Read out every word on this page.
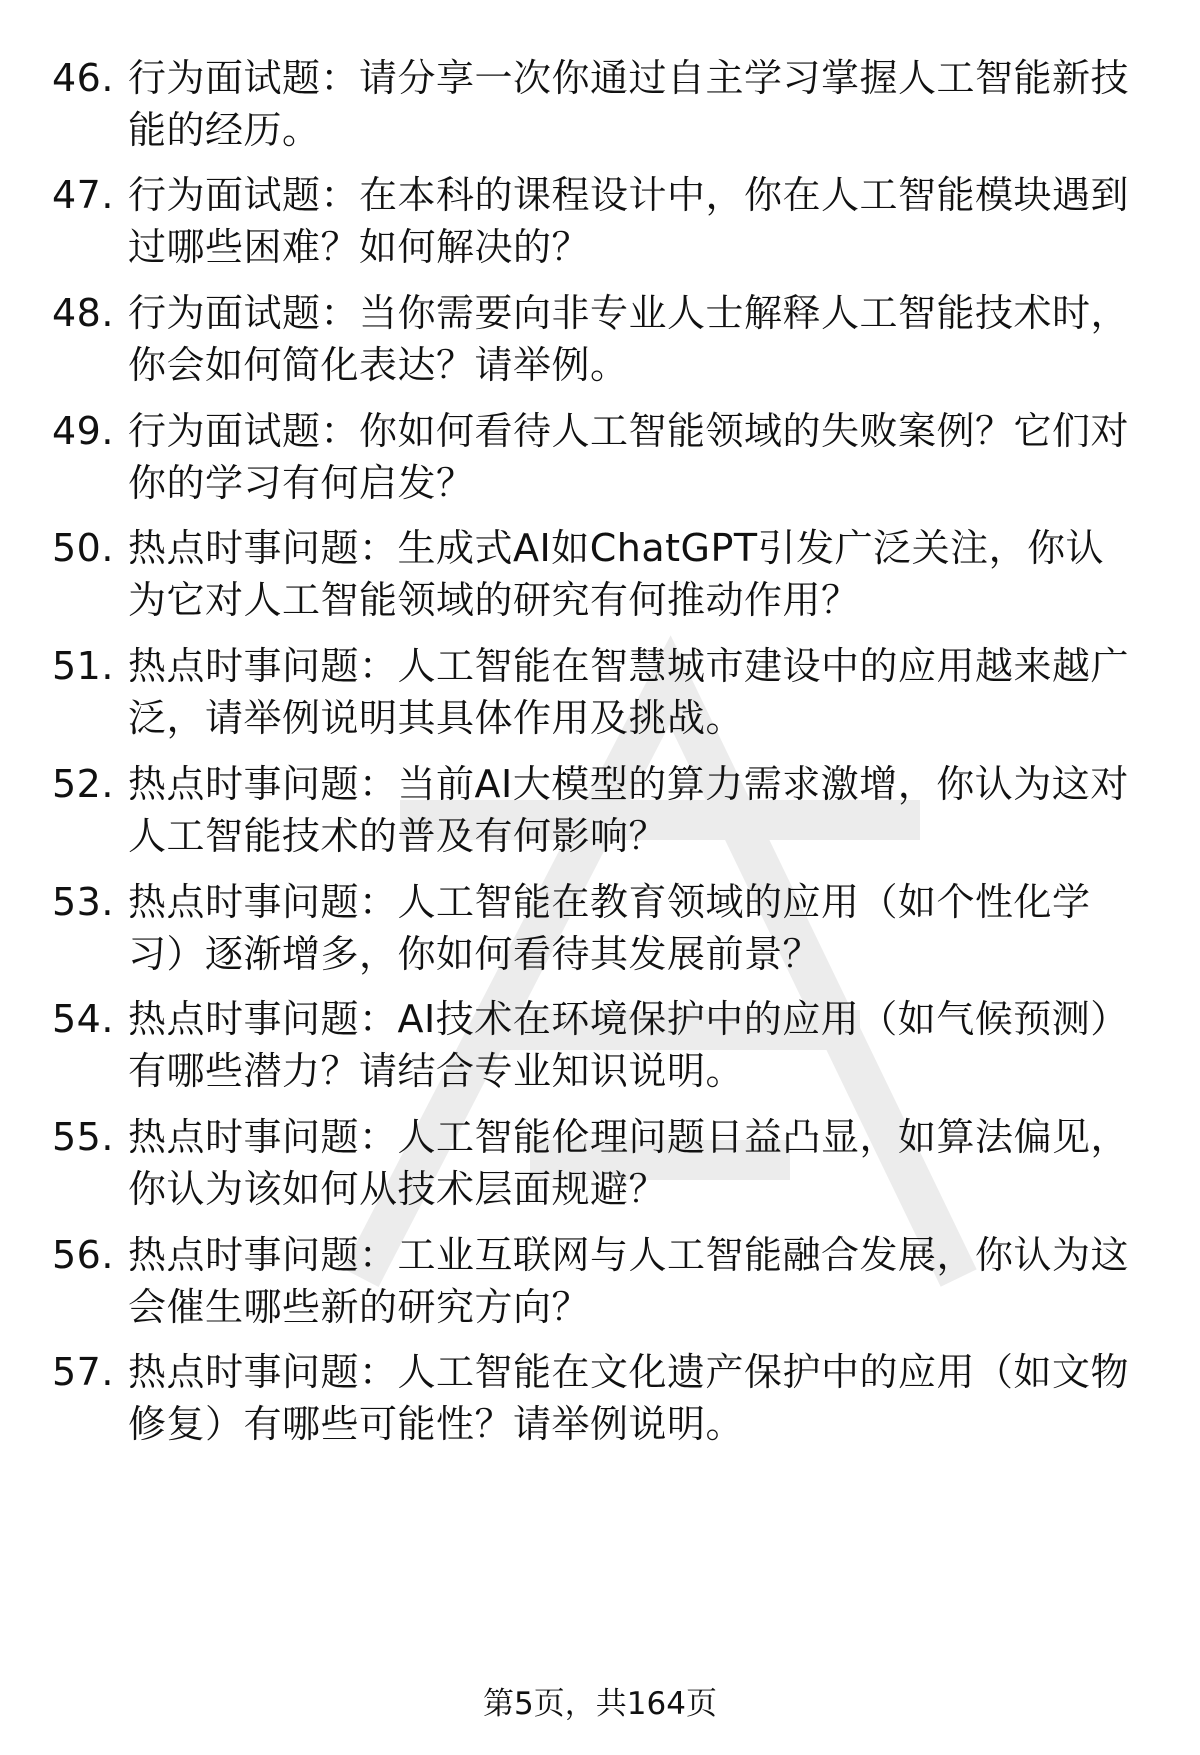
46. 行为面试题：请分享一次你通过自主学习掌握人工智能新技能的经历。
47. 行为面试题：在本科的课程设计中，你在人工智能模块遇到过哪些困难？如何解决的？
48. 行为面试题：当你需要向非专业人士解释人工智能技术时，你会如何简化表达？请举例。
49. 行为面试题：你如何看待人工智能领域的失败案例？它们对你的学习有何启发？
50. 热点时事问题：生成式AI如ChatGPT引发广泛关注，你认为它对人工智能领域的研究有何推动作用？
51. 热点时事问题：人工智能在智慧城市建设中的应用越来越广泛，请举例说明其具体作用及挑战。
52. 热点时事问题：当前AI大模型的算力需求激增，你认为这对人工智能技术的普及有何影响？
53. 热点时事问题：人工智能在教育领域的应用（如个性化学习）逐渐增多，你如何看待其发展前景？
54. 热点时事问题：AI技术在环境保护中的应用（如气候预测）有哪些潜力？请结合专业知识说明。
55. 热点时事问题：人工智能伦理问题日益凸显，如算法偏见，你认为该如何从技术层面规避？
56. 热点时事问题：工业互联网与人工智能融合发展，你认为这会催生哪些新的研究方向？
57. 热点时事问题：人工智能在文化遗产保护中的应用（如文物修复）有哪些可能性？请举例说明。
第5页，共164页
